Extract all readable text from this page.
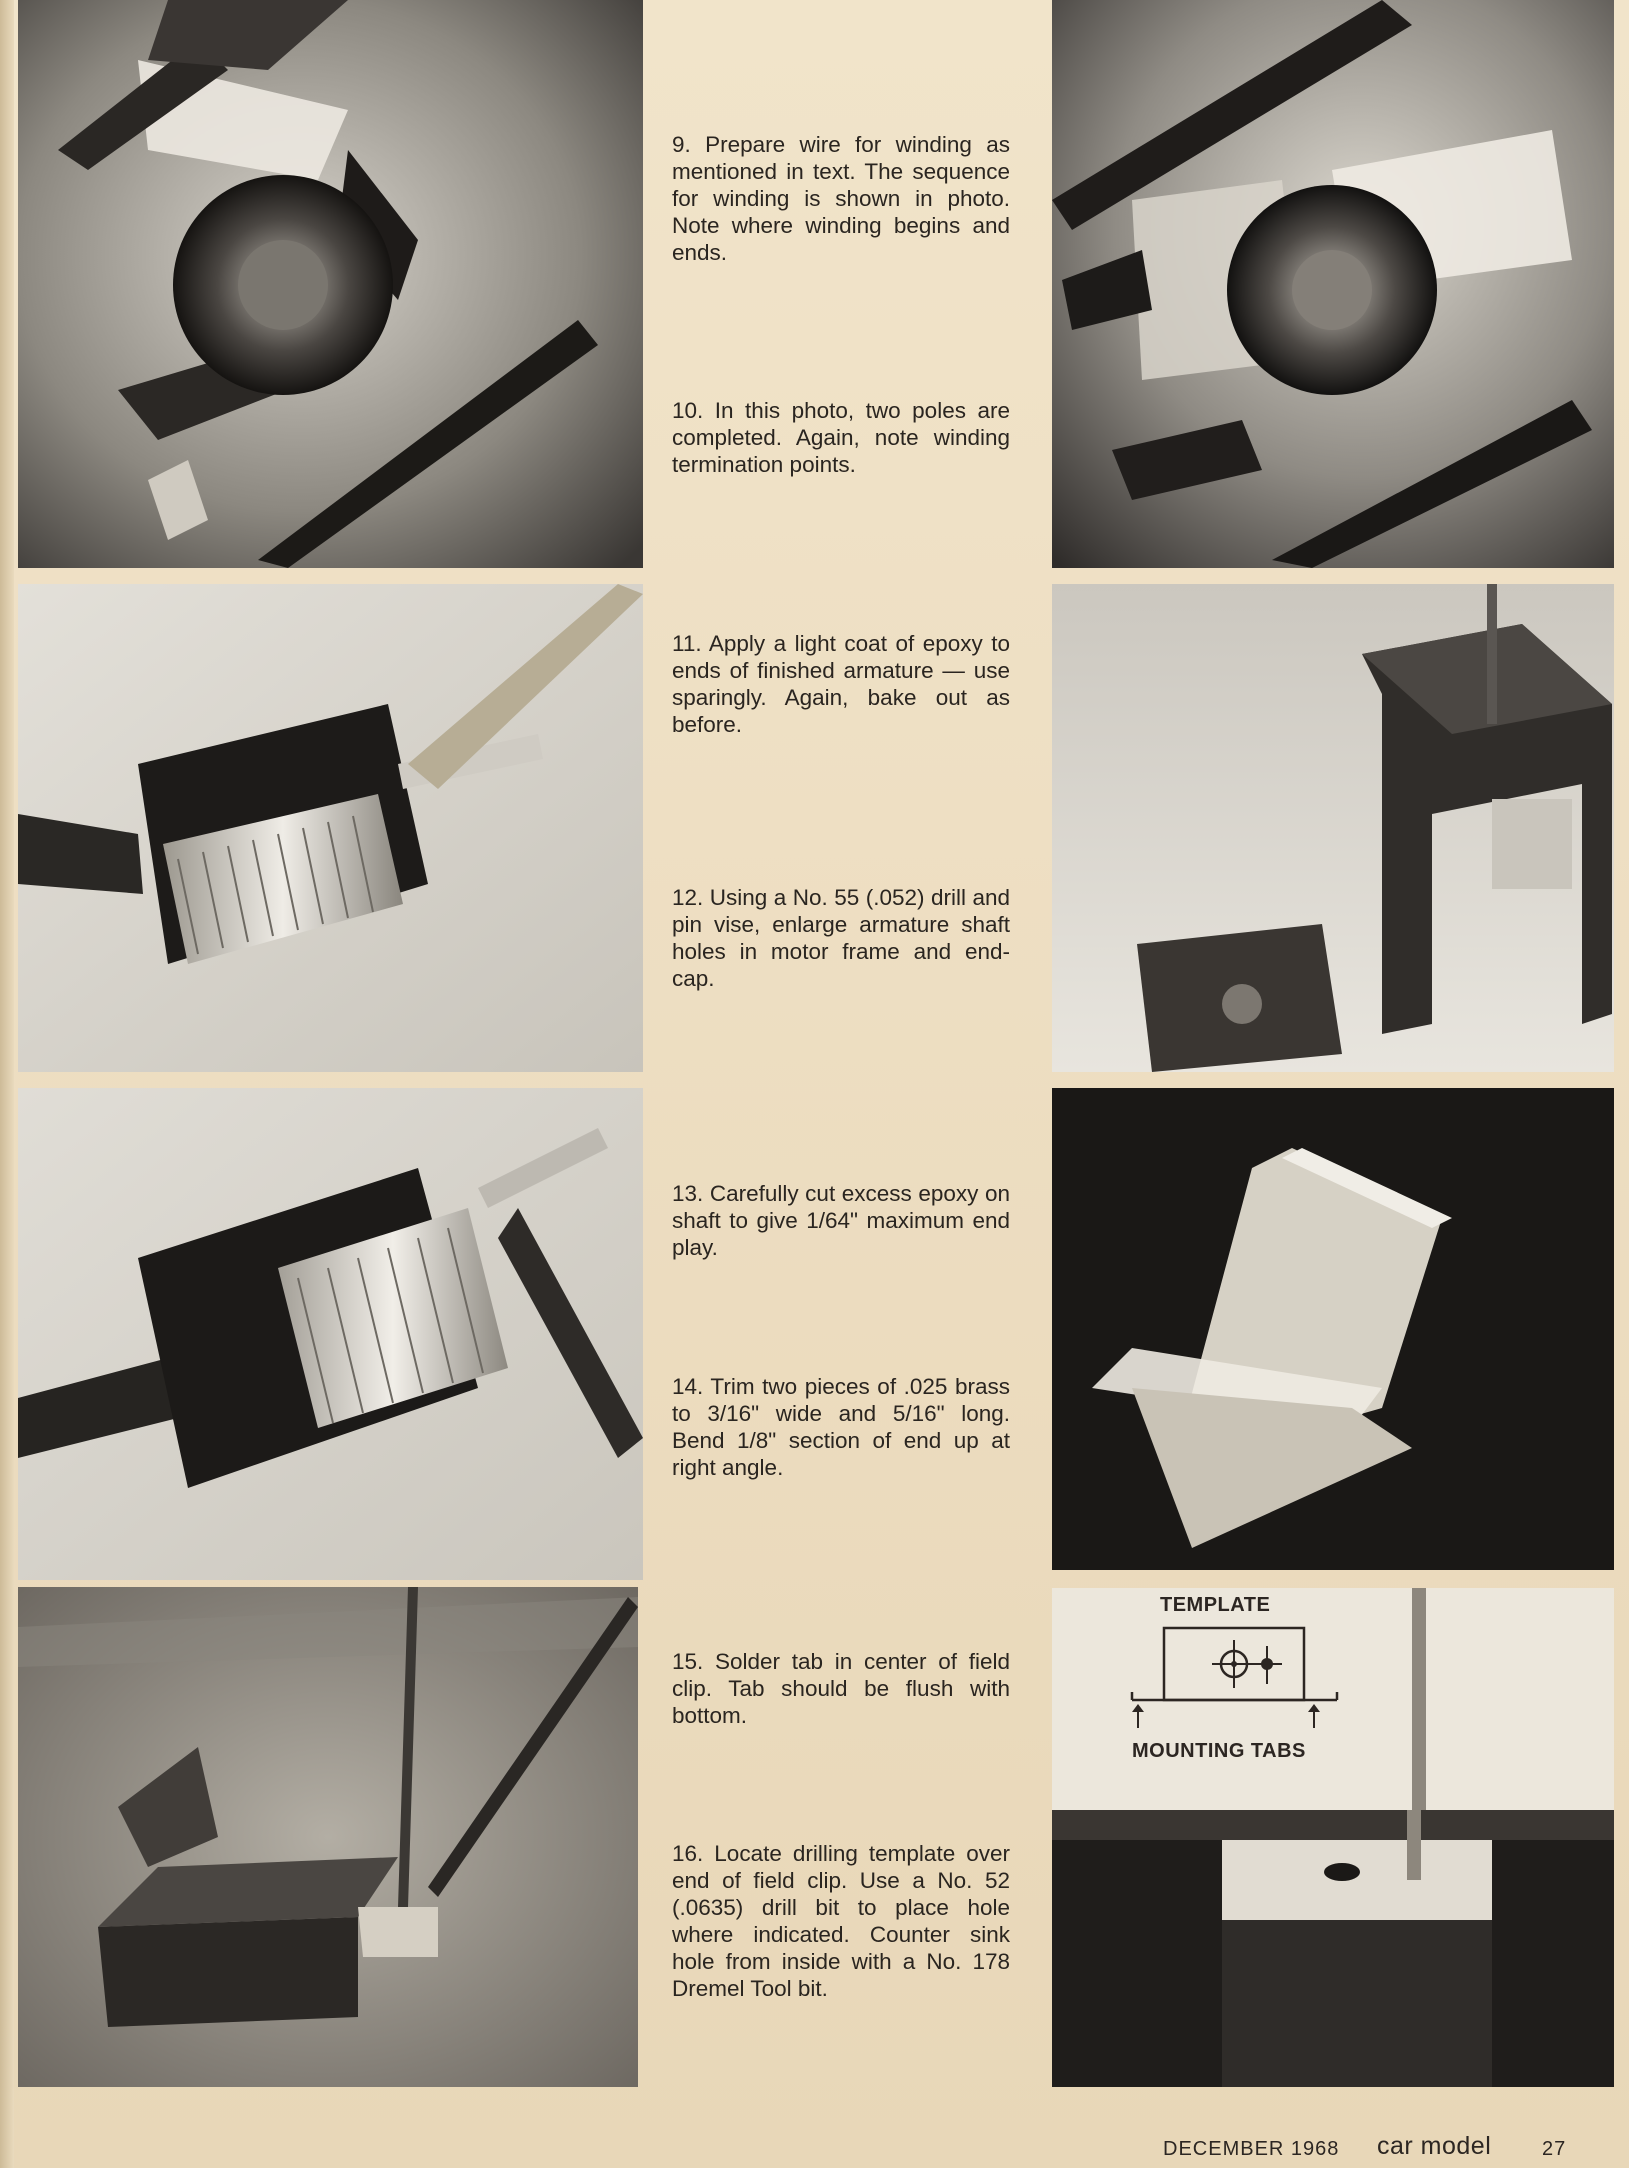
TEMPLATE
MOUNTING TABS
9. Prepare wire for winding as mentioned in text. The sequence for winding is shown in photo. Note where winding begins and ends.
10. In this photo, two poles are completed. Again, note winding termination points.
11. Apply a light coat of epoxy to ends of finished armature — use sparingly. Again, bake out as before.
12. Using a No. 55 (.052) drill and pin vise, enlarge armature shaft holes in motor frame and end-cap.
13. Carefully cut excess epoxy on shaft to give 1/64" maximum end play.
14. Trim two pieces of .025 brass to 3/16" wide and 5/16" long. Bend 1/8" section of end up at right angle.
15. Solder tab in center of field clip. Tab should be flush with bottom.
16. Locate drilling template over end of field clip. Use a No. 52 (.0635) drill bit to place hole where indicated. Counter sink hole from inside with a No. 178 Dremel Tool bit.
DECEMBER 1968 car model	27
